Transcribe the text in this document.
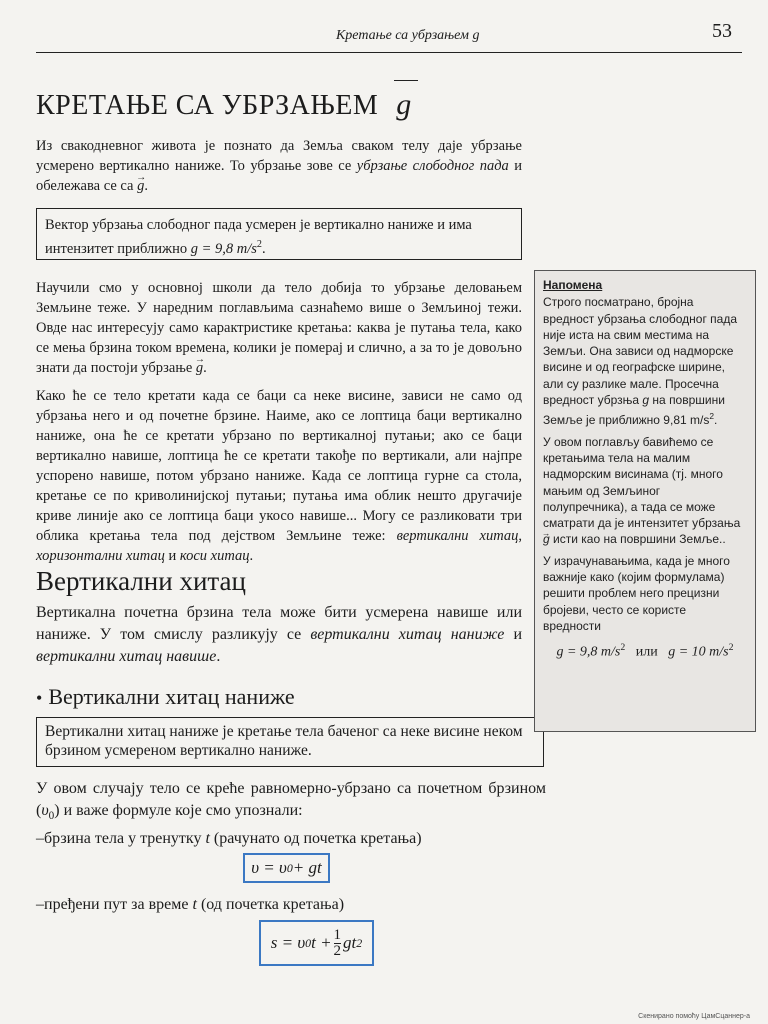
Кретање са убрзањем g	53
КРЕТАЊЕ СА УБРЗАЊЕМ g

Из свакодневног живота је познато да Земља сваком телу даје убрзање усмерено вертикално наниже. То убрзање зове се убрзање слободног пада и обележава се са → g.

Вектор убрзања слободног пада усмерен је вертикално наниже и има интензитет приближно g = 9,8 $m/s^2$.

Научили смо у основној школи да тело добија то убрзање деловањем Земљине теже. У наредним поглављима сазнаћемо више о Земљиној тежи. Овде нас интересују само карактристике кретања: каква је путања тела, како се мења брзина током времена, колики је померај и слично, а за то је довољно знати да постоји убрзање → g.

Како ће се тело кретати када се баци са неке висине, зависи не само од убрзања него и од почетне брзине. Наиме, ако се лоптица баци вертикално наниже, она ће се кретати убрзано по вертикалној путањи; ако се баци вертикално навише, лоптица ће се кретати такође по вертикали, али најпре успорено навише, потом убрзано наниже. Када се лоптица гурне са стола, кретање се по криволинијској путањи; путања има облик нешто другачије криве линије ако се лоптица баци укосо навише... Могу се разликовати три облика кретања тела под дејством Земљине теже: вертикални хитац, хоризонтални хитац и коси хитац.

Вертикални хитац

Вертикална почетна брзина тела може бити усмерена навише или наниже. У том смислу разликују се вертикални хитац наниже и вертикални хитац навише.

• Вертикални хитац наниже
Вертикални хитац наниже је кретање тела баченог са неке висине неком брзином усмереном вертикално наниже.

У овом случају тело се креће равномерно-убрзано са почетном брзином $(\upsilon_0)$ и важе формуле које смо упознали:

–брзина тела у тренутку t (рачунато од почетка кретања)
υ = υ 0 + gt
–пређени пут за време t (од почетка кретања)
s = υ 0 $t + \frac{1}{2}$ gt 2
Напомена

Строго посматрано, бројна вредност убрзања слободног пада није иста на свим местима на Земљи. Она зависи од надморске висине и од географске ширине, али су разлике мале. Просечна вредност убрзња g на површини Земље је приближно 9,81 $m/s^2$.

У овом поглављу бавићемо се кретањима тела на малим надморским висинама (тј. много мањим од Земљиног полупречника), а тада се може сматрати да је интензитет убрзања → g исти као на површини Земље..

У израчунавањима, када је много важније како (којим формулама) решити проблем него прецизни бројеви, често се користе вредности

g = 9,8 $m/s^2$ или g = 10 $m/s^2$
Скенирано помоћу ЦамСцаннер-а
